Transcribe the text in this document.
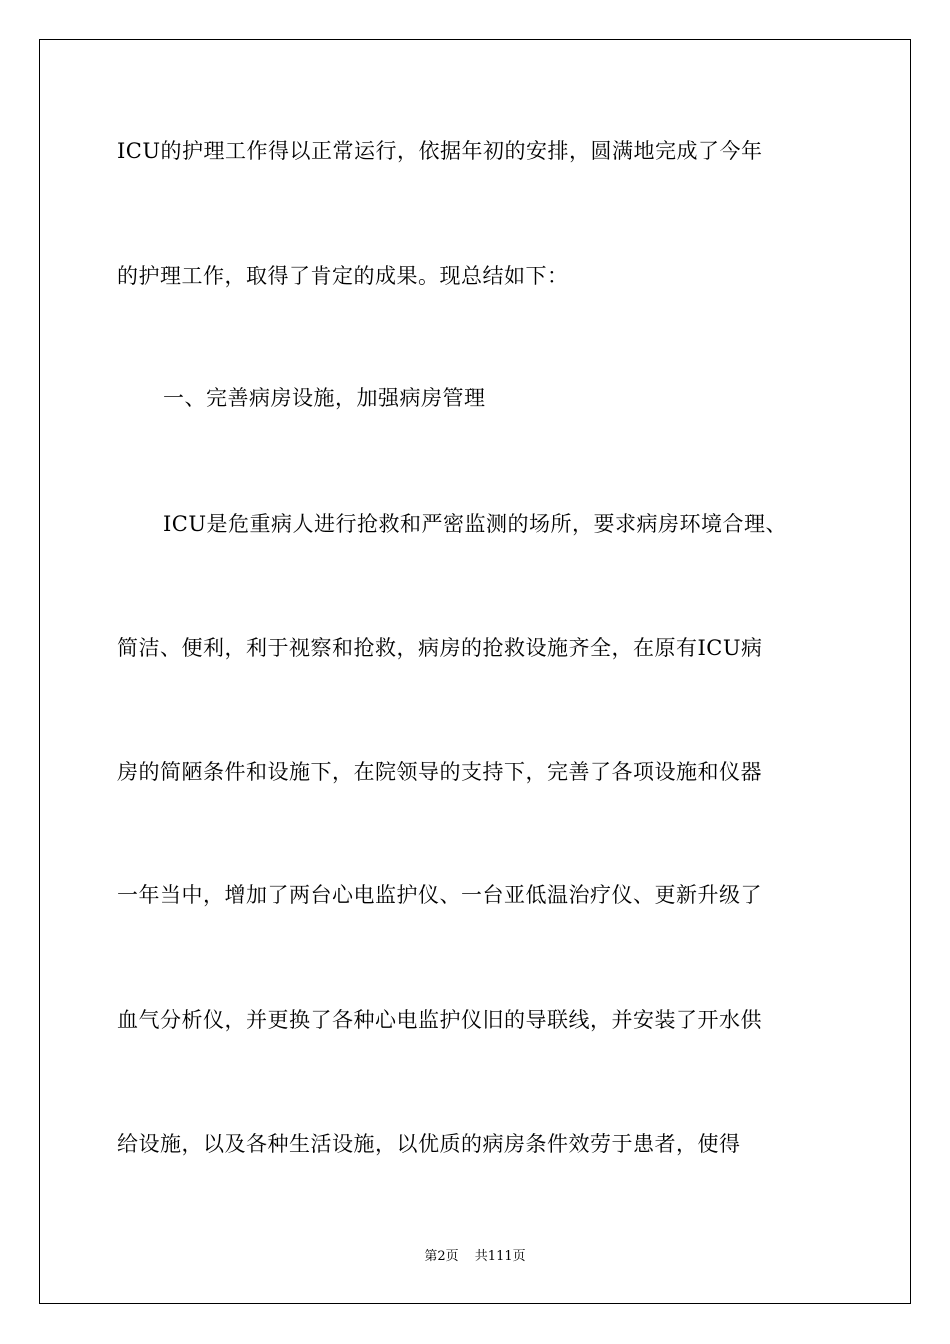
ICU的护理工作得以正常运行，依据年初的安排，圆满地完成了今年
的护理工作，取得了肯定的成果。现总结如下：
一、完善病房设施，加强病房管理
ICU是危重病人进行抢救和严密监测的场所，要求病房环境合理、
简洁、便利，利于视察和抢救，病房的抢救设施齐全，在原有ICU病
房的简陋条件和设施下，在院领导的支持下，完善了各项设施和仪器
一年当中，增加了两台心电监护仪、一台亚低温治疗仪、更新升级了
血气分析仪，并更换了各种心电监护仪旧的导联线，并安装了开水供
给设施，以及各种生活设施，以优质的病房条件效劳于患者，使得
第2页 共111页
